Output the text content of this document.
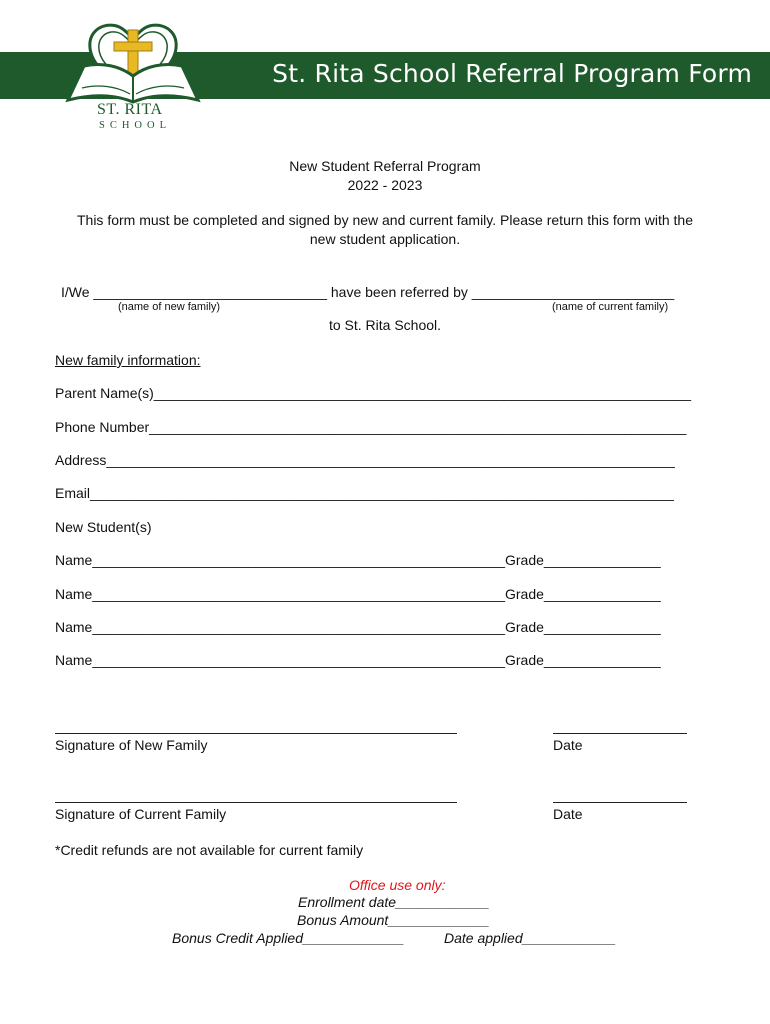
St. Rita School Referral Program Form
ST. RITA
SCHOOL
New Student Referral Program
2022 - 2023
This form must be completed and signed by new and current family. Please return this form with the
new student application.
I/We ______________________________ have been referred by __________________________
(name of new family)	(name of current family)
to St. Rita School.
New family information:
Parent Name(s)_____________________________________________________________________
Phone Number_____________________________________________________________________
Address_________________________________________________________________________
Email___________________________________________________________________________
New Student(s)
Name_____________________________________________________Grade_______________
Name_____________________________________________________Grade_______________
Name_____________________________________________________Grade_______________
Name_____________________________________________________Grade_______________
Signature of New Family	Date
Signature of Current Family	Date
*Credit refunds are not available for current family
Office use only:
Enrollment date____________
Bonus Amount_____________
Bonus Credit Applied_____________	Date applied____________
